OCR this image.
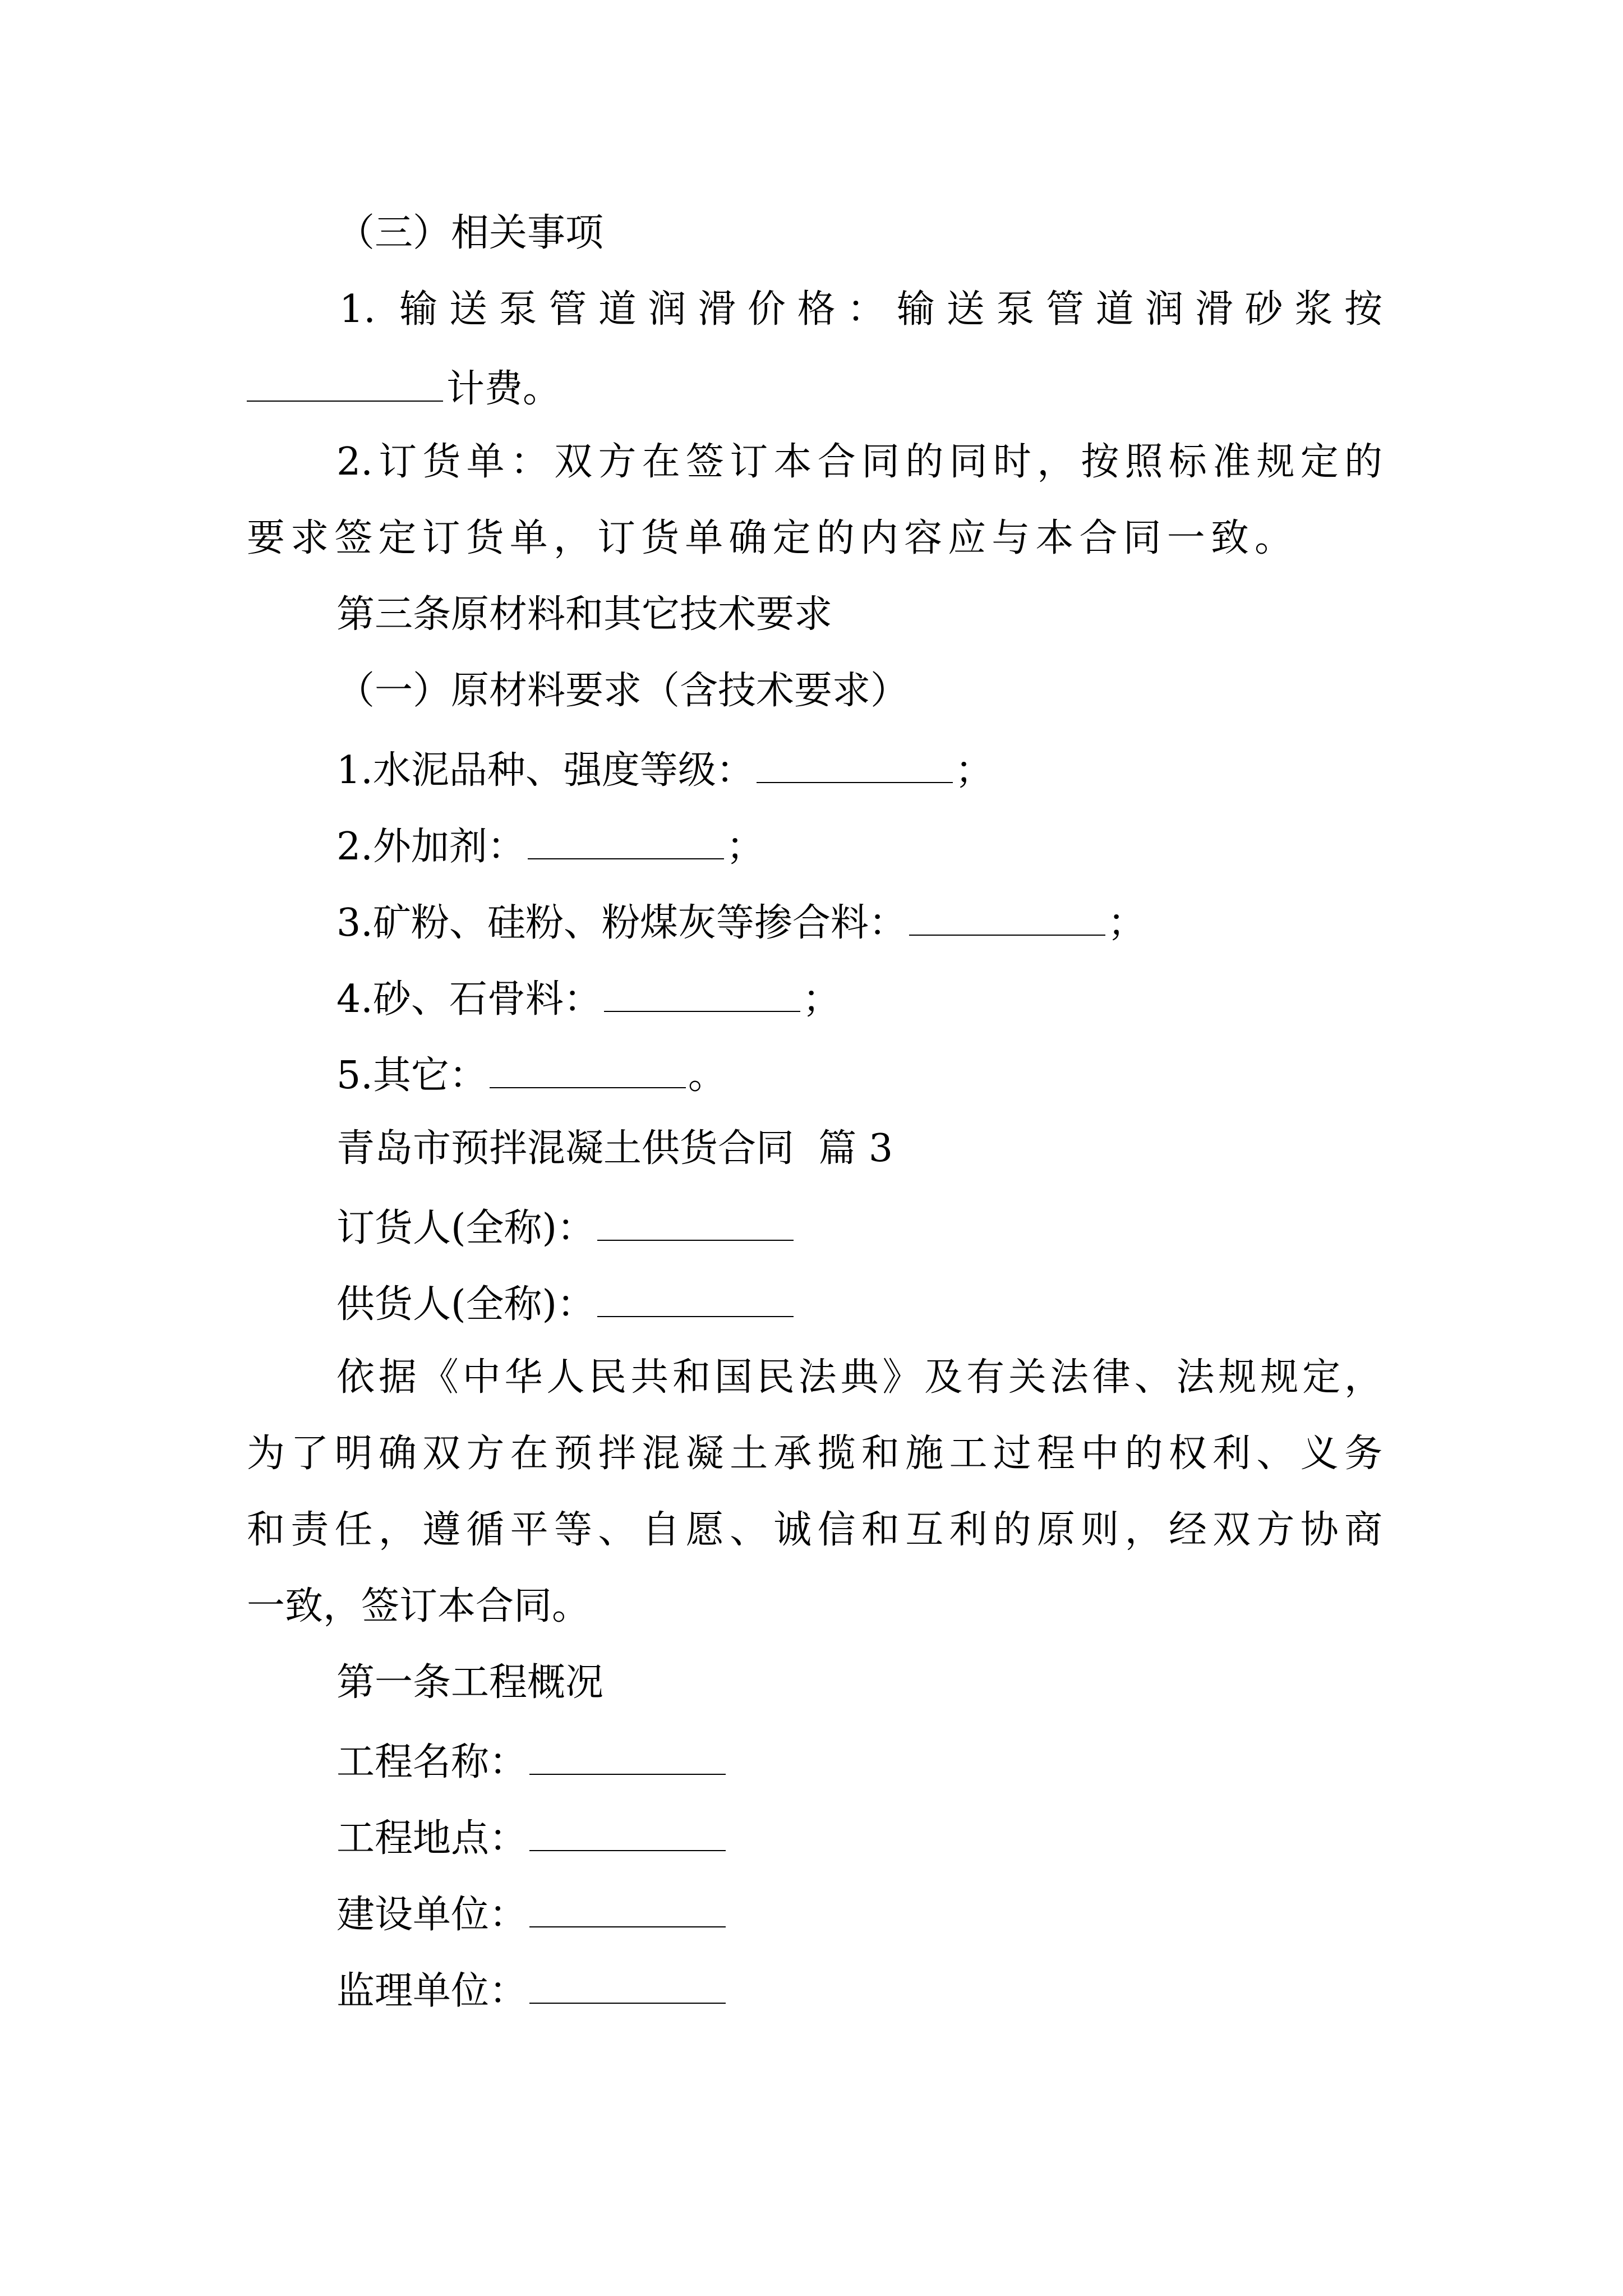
（三）相关事项
1. 输送泵管道润滑价格：输送泵管道润滑砂浆按
计费。
2.订货单：双方在签订本合同的同时，按照标准规定的
要求签定订货单，订货单确定的内容应与本合同一致。
第三条原材料和其它技术要求
（一）原材料要求（含技术要求）
1.水泥品种、强度等级：	；
2.外加剂：	；
3.矿粉、硅粉、粉煤灰等掺合料：	；
4.砂、石骨料：	；
5.其它：	。
青岛市预拌混凝土供货合同  篇 3
订货人(全称)：
供货人(全称)：
依据《中华人民共和国民法典》及有关法律、法规规定，
为了明确双方在预拌混凝土承揽和施工过程中的权利、义务
和责任，遵循平等、自愿、诚信和互利的原则，经双方协商
一致，签订本合同。
第一条工程概况
工程名称：
工程地点：
建设单位：
监理单位：
